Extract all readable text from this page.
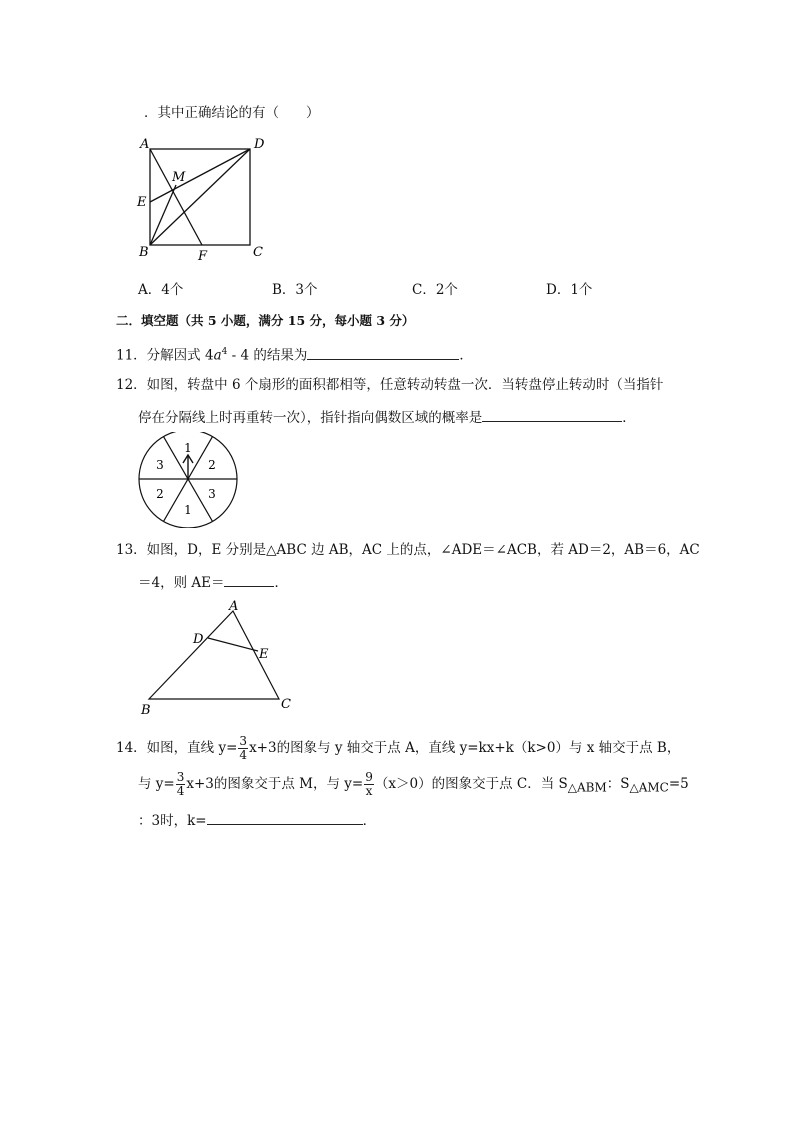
．其中正确结论的有（　　）
A	D
M
E
B	C
F
A．4个	B．3个	C．2个	D．1个
二．填空题（共 5 小题，满分 15 分，每小题 3 分）
11．分解因式 $4a^4 - 4$ 的结果为	．
12．如图，转盘中 6 个扇形的面积都相等，任意转动转盘一次．当转盘停止转动时（当指针
停在分隔线上时再重转一次），指针指向偶数区域的概率是	．
1
2
3
1
2
3
13．如图，D，E 分别是△ABC 边 AB，AC 上的点，∠ADE＝∠ACB，若 AD＝2，AB＝6，AC
＝4，则 AE＝	．
A
D
E
B	C
14．如图，直线 $y= \frac{3}{4} x+3$的图象与 y 轴交于点 A，直线 y=kx+k（k>0）与 x 轴交于点 B，
与 $y= \frac{3}{4} x+3$的图象交于点 M，与 $y= \frac{9}{x} (x>0)$的图象交于点 C．当 $S_{\triangle ABM}$：$S_{\triangle AMC}=5$
：3时，k=	．
